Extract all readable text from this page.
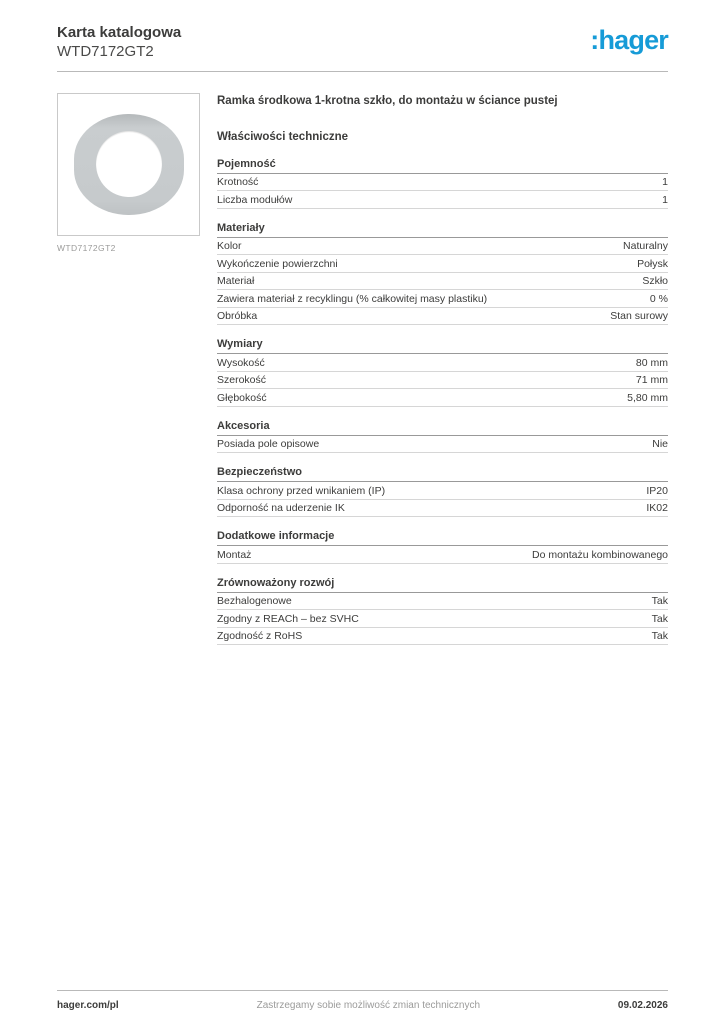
Karta katalogowa
WTD7172GT2	:hager
WTD7172GT2
Ramka środkowa 1-krotna szkło, do montażu w ściance pustej
Właściwości techniczne
Pojemność
Krotność	1
Liczba modułów	1
Materiały
Kolor	Naturalny
Wykończenie powierzchni	Połysk
Materiał	Szkło
Zawiera materiał z recyklingu (% całkowitej masy plastiku)	0 %
Obróbka	Stan surowy
Wymiary
Wysokość	80 mm
Szerokość	71 mm
Głębokość	5,80 mm
Akcesoria
Posiada pole opisowe	Nie
Bezpieczeństwo
Klasa ochrony przed wnikaniem (IP)	IP20
Odporność na uderzenie IK	IK02
Dodatkowe informacje
Montaż	Do montażu kombinowanego
Zrównoważony rozwój
Bezhalogenowe	Tak
Zgodny z REACh – bez SVHC	Tak
Zgodność z RoHS	Tak
hager.com/pl	Zastrzegamy sobie możliwość zmian technicznych	09.02.2026
